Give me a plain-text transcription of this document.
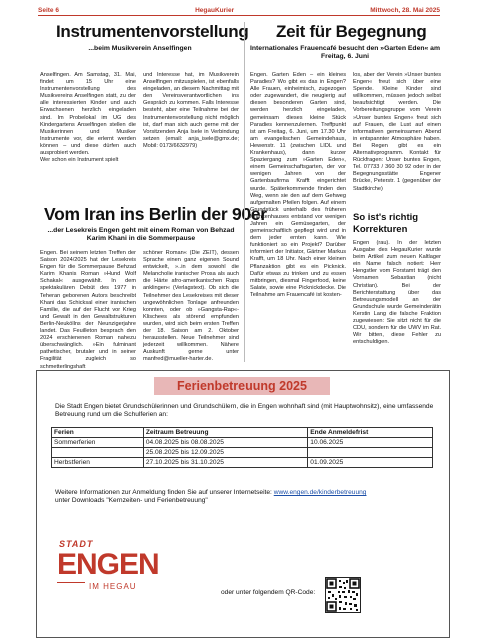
Seite 6	HegauKurier	Mittwoch, 28. Mai 2025
Instrumentenvorstellung
...beim Musikverein Anselfingen

Anselfingen. Am Samstag, 31. Mai, findet um 15 Uhr eine Instrumentenvorstellung des Musikvereins Anselfingen statt, zu der alle interessierten Kinder und auch Erwachsenen herzlich eingeladen sind. Im Probelokal im UG des Kindergartens Anselfingen stellen die Musikerinnen und Musiker Instrumente vor, die erlernt werden können – und diese dürfen auch ausprobiert werden.

Wer schon ein Instrument spielt

und Interesse hat, im Musikverein Anselfingen mitzuspielen, ist ebenfalls eingeladen, an diesem Nachmittag mit den Vereinsverantwortlichen ins Gespräch zu kommen. Falls Interesse besteht, aber eine Teilnahme bei der Instrumentenvorstellung nicht möglich ist, darf man sich auch gerne mit der Vorsitzenden Anja Isele in Verbindung setzen (email: anja_isele@gmx.de; Mobil: 0173/6632979)

Vom Iran ins Berlin der 90er
...der Lesekreis Engen geht mit einem Roman von Behzad Karim Khani in die Sommerpause

Engen. Bei seinem letzten Treffen der Saison 2024/2025 hat der Lesekreis Engen für die Sommerpause Behzad Karim Khanis Roman »Hund Wolf Schakal« ausgewählt. In dem spektakulären Debüt des 1977 in Teheran geborenen Autors beschreibt Khani das Schicksal einer iranischen Familie, die auf der Flucht vor Krieg und Gewalt in den Gewaltstrukturen Berlin-Neuköllns der Neunzigerjahre landet. Das Feuilleton besprach den 2024 erschienenen Roman nahezu überschwänglich. »Ein fulminant pathetischer, brutaler und in seiner Fragilität zugleich so schmetterlingshaft

schöner Roman« (Die ZEIT), dessen Sprache einen ganz eigenen Sound entwickelt, »..in dem sowohl die Melancholie iranischer Prosa als auch die Härte afro-amerikanischen Raps anklingen« (Verlagstext). Ob sich die Teilnehmer des Lesekreises mit dieser ungewöhnlichen Tonlage anfreunden konnten, oder ob »Gangsta-Rap«-Klischees als störend empfunden wurden, wird sich beim ersten Treffen der 18. Saison am 2. Oktober herausstellen. Neue Teilnehmer sind jederzeit willkommen. Nähere Auskunft gerne unter manfred@mueller-harter.de.

Zeit für Begegnung
Internationales Frauencafé besucht den »Garten Eden« am Freitag, 6. Juni

Engen. Garten Eden – ein kleines Paradies? Wo gibt es das in Engen? Alle Frauen, einheimisch, zugezogen oder zugewandert, die neugierig auf diesen besonderen Garten sind, werden herzlich eingeladen, gemeinsam dieses kleine Stück Paradies kennenzulernen. Treffpunkt ist am Freitag, 6. Juni, um 17.30 Uhr am evangelischen Gemeindehaus, Hewenstr. 11 (zwischen LIDL und Krankenhaus), dann kurzer Spaziergang zum »Garten Eden«, einem Gemeinschaftsgarten, der vor wenigen Jahren von der Gartenbaufirma Krafft eingerichtet wurde. Späterkommende finden den Weg, wenn sie den auf dem Gehweg aufgemalten Pfeilen folgen. Auf einem Grundstück unterhalb des früheren Krankenhauses entstand vor wenigen Jahren ein Gemüsegarten, der gemeinschaftlich gepflegt wird und in dem jeder ernten kann. Wie funktioniert so ein Projekt? Darüber informiert der Initiator, Gärtner Markus Krafft, um 18 Uhr. Nach einer kleinen Pflanzaktion gibt es ein Picknick. Dafür etwas zu trinken und zu essen mitbringen, diesmal Fingerfood, keine Salate, sowie eine Picknickdecke. Die Teilnahme am Frauencafé ist kosten-

los, aber der Verein »Unser buntes Engen« freut sich über eine Spende. Kleine Kinder sind willkommen, müssen jedoch selbst beaufsichtigt werden. Die Vorbereitungsgruppe vom Verein »Unser buntes Engen« freut sich auf Frauen, die Lust auf einen informativen gemeinsamen Abend in entspannter Atmosphäre haben. Bei Regen gibt es ein Alternativprogramm. Kontakt für Rückfragen: Unser buntes Engen, Tel. 07733 / 360 30 92 oder in der Begegnungsstätte Engener Brücke, Peterstr. 1 (gegenüber der Stadtkirche)

So ist's richtig
Korrekturen

Engen (rau). In der letzten Ausgabe des HegauKurier wurde beim Artikel zum neuen Kaltlager ein Name falsch notiert: Herr Hengstler vom Forstamt trägt den Vornamen Sebastian (nicht Christian). Bei der Berichterstattung über das Betreuungsmodell an der Grundschule wurde Gemeinderätin Kerstin Lang die falsche Fraktion zugewiesen: Sie sitzt nicht für die CDU, sondern für die UWV im Rat. Wir bitten, diese Fehler zu entschuldigen.

Ferienbetreuung 2025
Die Stadt Engen bietet Grundschülerinnen und Grundschülern, die in Engen wohnhaft sind (mit Hauptwohnsitz), eine umfassende Betreuung rund um die Schulferien an:
Ferien	Zeitraum Betreuung	Ende Anmeldefrist
Sommerferien	04.08.2025 bis 08.08.2025	10.06.2025
	25.08.2025 bis 12.09.2025	
Herbstferien	27.10.2025 bis 31.10.2025	01.09.2025
Weitere Informationen zur Anmeldung finden Sie auf unserer Internetseite: www.engen.de/kinderbetreuung
unter Downloads "Kernzeiten- und Ferienbetreuung"
STADT
ENGEN
IM HEGAU
oder unter folgendem QR-Code:
